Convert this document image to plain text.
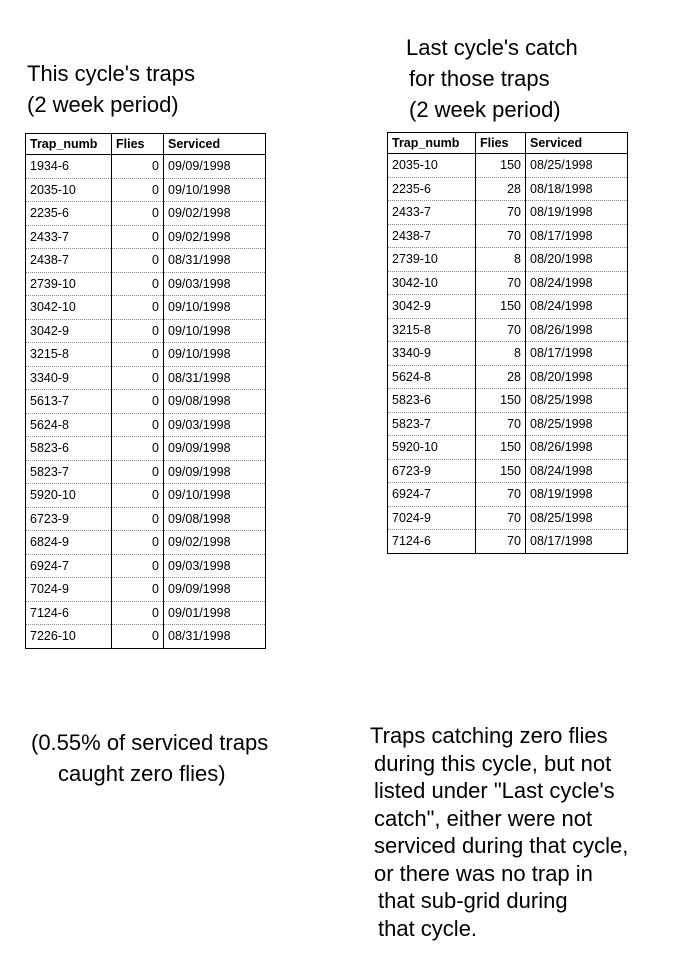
This cycle's traps
(2 week period)
Last cycle's catch
for those traps
(2 week period)
Trap_numb	Flies	Serviced
1934-6	0	09/09/1998
2035-10	0	09/10/1998
2235-6	0	09/02/1998
2433-7	0	09/02/1998
2438-7	0	08/31/1998
2739-10	0	09/03/1998
3042-10	0	09/10/1998
3042-9	0	09/10/1998
3215-8	0	09/10/1998
3340-9	0	08/31/1998
5613-7	0	09/08/1998
5624-8	0	09/03/1998
5823-6	0	09/09/1998
5823-7	0	09/09/1998
5920-10	0	09/10/1998
6723-9	0	09/08/1998
6824-9	0	09/02/1998
6924-7	0	09/03/1998
7024-9	0	09/09/1998
7124-6	0	09/01/1998
7226-10	0	08/31/1998
Trap_numb	Flies	Serviced
2035-10	150	08/25/1998
2235-6	28	08/18/1998
2433-7	70	08/19/1998
2438-7	70	08/17/1998
2739-10	8	08/20/1998
3042-10	70	08/24/1998
3042-9	150	08/24/1998
3215-8	70	08/26/1998
3340-9	8	08/17/1998
5624-8	28	08/20/1998
5823-6	150	08/25/1998
5823-7	70	08/25/1998
5920-10	150	08/26/1998
6723-9	150	08/24/1998
6924-7	70	08/19/1998
7024-9	70	08/25/1998
7124-6	70	08/17/1998
(0.55% of serviced traps
caught zero flies)
Traps catching zero flies
during this cycle, but not
listed under "Last cycle's
catch", either were not
serviced during that cycle,
or there was no trap in
that sub-grid during
that cycle.
